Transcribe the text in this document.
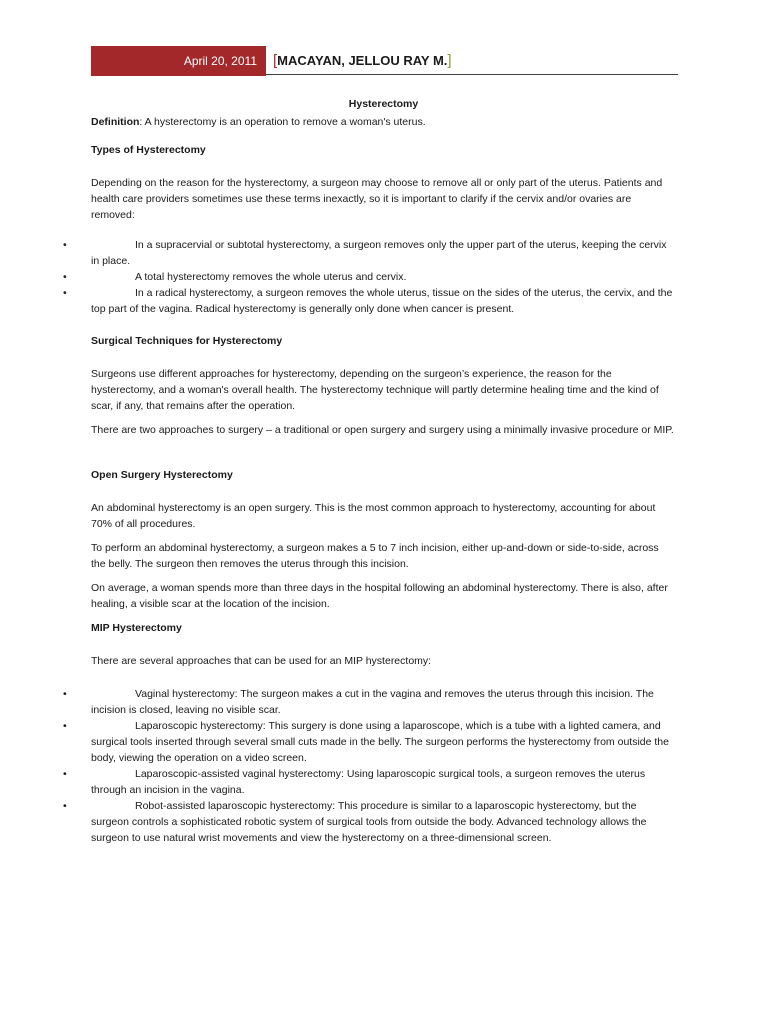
April 20, 2011	[MACAYAN, JELLOU RAY M.]
Hysterectomy
Definition: A hysterectomy is an operation to remove a woman's uterus.
Types of Hysterectomy

Depending on the reason for the hysterectomy, a surgeon may choose to remove all or only part of the uterus. Patients and health care providers sometimes use these terms inexactly, so it is important to clarify if the cervix and/or ovaries are removed:

•	In a supracervial or subtotal hysterectomy, a surgeon removes only the upper part of the uterus, keeping the cervix in place.
•	A total hysterectomy removes the whole uterus and cervix.
•	In a radical hysterectomy, a surgeon removes the whole uterus, tissue on the sides of the uterus, the cervix, and the top part of the vagina. Radical hysterectomy is generally only done when cancer is present.
Surgical Techniques for Hysterectomy

Surgeons use different approaches for hysterectomy, depending on the surgeon’s experience, the reason for the hysterectomy, and a woman's overall health. The hysterectomy technique will partly determine healing time and the kind of scar, if any, that remains after the operation.

There are two approaches to surgery – a traditional or open surgery and surgery using a minimally invasive procedure or MIP.

Open Surgery Hysterectomy

An abdominal hysterectomy is an open surgery. This is the most common approach to hysterectomy, accounting for about 70% of all procedures.

To perform an abdominal hysterectomy, a surgeon makes a 5 to 7 inch incision, either up-and-down or side-to-side, across the belly. The surgeon then removes the uterus through this incision.

On average, a woman spends more than three days in the hospital following an abdominal hysterectomy. There is also, after healing, a visible scar at the location of the incision.

MIP Hysterectomy

There are several approaches that can be used for an MIP hysterectomy:

•	Vaginal hysterectomy: The surgeon makes a cut in the vagina and removes the uterus through this incision. The incision is closed, leaving no visible scar.
•	Laparoscopic hysterectomy: This surgery is done using a laparoscope, which is a tube with a lighted camera, and surgical tools inserted through several small cuts made in the belly. The surgeon performs the hysterectomy from outside the body, viewing the operation on a video screen.
•	Laparoscopic-assisted vaginal hysterectomy: Using laparoscopic surgical tools, a surgeon removes the uterus through an incision in the vagina.
•	Robot-assisted laparoscopic hysterectomy: This procedure is similar to a laparoscopic hysterectomy, but the surgeon controls a sophisticated robotic system of surgical tools from outside the body. Advanced technology allows the surgeon to use natural wrist movements and view the hysterectomy on a three-dimensional screen.
